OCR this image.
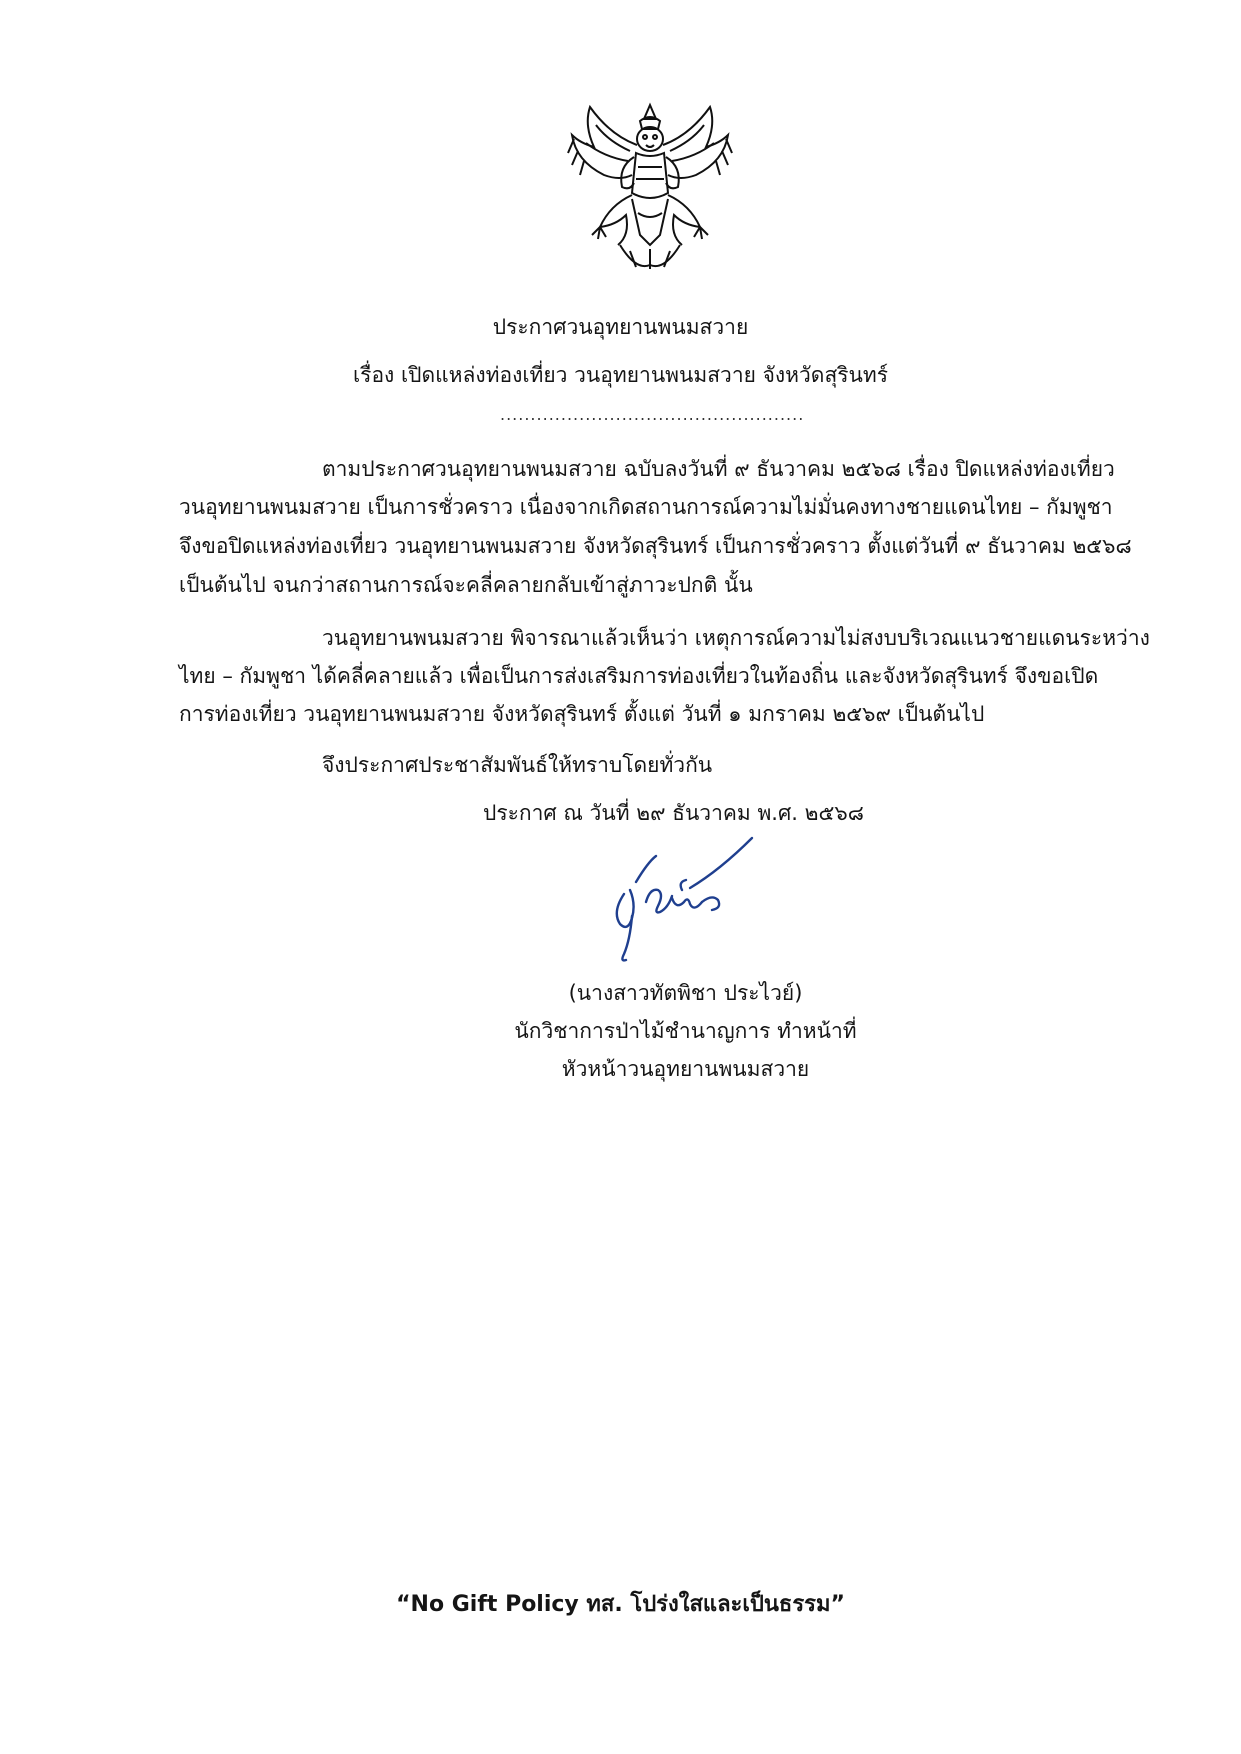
ประกาศวนอุทยานพนมสวาย
เรื่อง เปิดแหล่งท่องเที่ยว วนอุทยานพนมสวาย จังหวัดสุรินทร์
..................................................
ตามประกาศวนอุทยานพนมสวาย ฉบับลงวันที่ ๙ ธันวาคม ๒๕๖๘ เรื่อง ปิดแหล่งท่องเที่ยว
วนอุทยานพนมสวาย เป็นการชั่วคราว เนื่องจากเกิดสถานการณ์ความไม่มั่นคงทางชายแดนไทย – กัมพูชา
จึงขอปิดแหล่งท่องเที่ยว วนอุทยานพนมสวาย จังหวัดสุรินทร์ เป็นการชั่วคราว ตั้งแต่วันที่ ๙ ธันวาคม ๒๕๖๘
เป็นต้นไป จนกว่าสถานการณ์จะคลี่คลายกลับเข้าสู่ภาวะปกติ นั้น
วนอุทยานพนมสวาย พิจารณาแล้วเห็นว่า เหตุการณ์ความไม่สงบบริเวณแนวชายแดนระหว่าง
ไทย – กัมพูชา ได้คลี่คลายแล้ว เพื่อเป็นการส่งเสริมการท่องเที่ยวในท้องถิ่น และจังหวัดสุรินทร์ จึงขอเปิด
การท่องเที่ยว วนอุทยานพนมสวาย จังหวัดสุรินทร์ ตั้งแต่ วันที่ ๑ มกราคม ๒๕๖๙ เป็นต้นไป
จึงประกาศประชาสัมพันธ์ให้ทราบโดยทั่วกัน
ประกาศ ณ วันที่ ๒๙ ธันวาคม พ.ศ. ๒๕๖๘
(นางสาวทัตพิชา ประไวย์)
นักวิชาการป่าไม้ชำนาญการ ทำหน้าที่
หัวหน้าวนอุทยานพนมสวาย
“No Gift Policy ทส. โปร่งใสและเป็นธรรม”
